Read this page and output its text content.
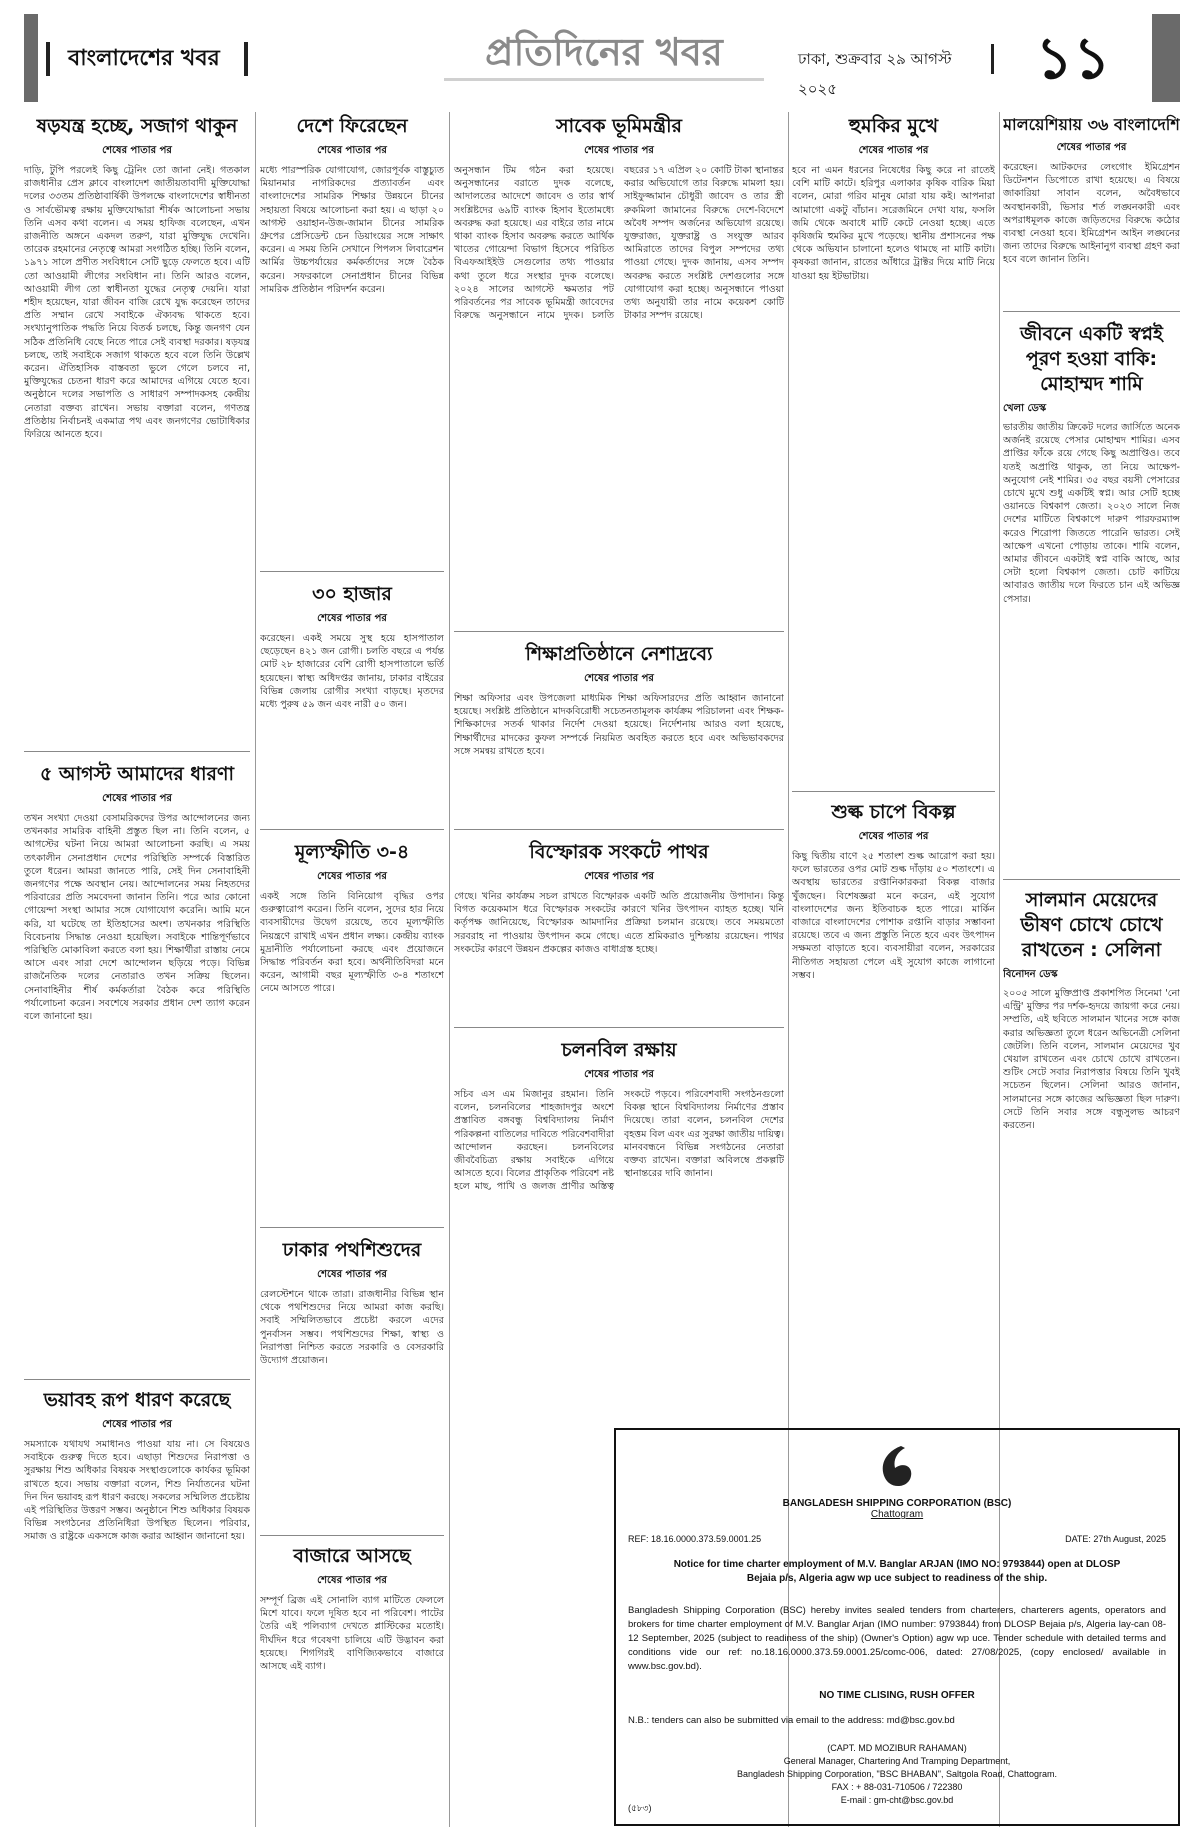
বাংলাদেশের খবর	প্রতিদিনের খবর	ঢাকা, শুক্রবার ২৯ আগস্ট ২০২৫	১১
ষড়যন্ত্র হচ্ছে, সজাগ থাকুন
শেষের পাতার পর
দাড়ি, টুপি পরলেই কিছু ট্রেনিং তো জানা নেই। গতকাল রাজধানীর প্রেস ক্লাবে বাংলাদেশ জাতীয়তাবাদী মুক্তিযোদ্ধা দলের ৩৩তম প্রতিষ্ঠাবার্ষিকী উপলক্ষে বাংলাদেশের স্বাধীনতা ও সার্বভৌমত্ব রক্ষায় মুক্তিযোদ্ধারা শীর্ষক আলোচনা সভায় তিনি এসব কথা বলেন। এ সময় হাফিজ বলেছেন, এখন রাজনীতি অঙ্গনে একদল তরুণ, যারা মুক্তিযুদ্ধ দেখেনি। তারেক রহমানের নেতৃত্বে আমরা সংগঠিত হচ্ছি। তিনি বলেন, ১৯৭১ সালে প্রণীত সংবিধানে সেটি ছুড়ে ফেলতে হবে। এটি তো আওয়ামী লীগের সংবিধান না। তিনি আরও বলেন, আওয়ামী লীগ তো স্বাধীনতা যুদ্ধের নেতৃত্ব দেয়নি। যারা শহীদ হয়েছেন, যারা জীবন বাজি রেখে যুদ্ধ করেছেন তাদের প্রতি সম্মান রেখে সবাইকে ঐক্যবদ্ধ থাকতে হবে। সংখ্যানুপাতিক পদ্ধতি নিয়ে বিতর্ক চলছে, কিন্তু জনগণ যেন সঠিক প্রতিনিধি বেছে নিতে পারে সেই ব্যবস্থা দরকার। ষড়যন্ত্র চলছে, তাই সবাইকে সজাগ থাকতে হবে বলে তিনি উল্লেখ করেন। ঐতিহাসিক বাস্তবতা ভুলে গেলে চলবে না, মুক্তিযুদ্ধের চেতনা ধারণ করে আমাদের এগিয়ে যেতে হবে। অনুষ্ঠানে দলের সভাপতি ও সাধারণ সম্পাদকসহ কেন্দ্রীয় নেতারা বক্তব্য রাখেন। সভায় বক্তারা বলেন, গণতন্ত্র প্রতিষ্ঠায় নির্বাচনই একমাত্র পথ এবং জনগণের ভোটাধিকার ফিরিয়ে আনতে হবে।
৫ আগস্ট আমাদের ধারণা
শেষের পাতার পর
তখন সংখ্যা দেওয়া বেসামরিকদের উপর আন্দোলনের জন্য তখনকার সামরিক বাহিনী প্রস্তুত ছিল না। তিনি বলেন, ৫ আগস্টের ঘটনা নিয়ে আমরা আলোচনা করছি। এ সময় তৎকালীন সেনাপ্রধান দেশের পরিস্থিতি সম্পর্কে বিস্তারিত তুলে ধরেন। আমরা জানতে পারি, সেই দিন সেনাবাহিনী জনগণের পক্ষে অবস্থান নেয়। আন্দোলনের সময় নিহতদের পরিবারের প্রতি সমবেদনা জানান তিনি। পরে আর কোনো গোয়েন্দা সংস্থা আমার সঙ্গে যোগাযোগ করেনি। আমি মনে করি, যা ঘটেছে তা ইতিহাসের অংশ। তখনকার পরিস্থিতি বিবেচনায় সিদ্ধান্ত নেওয়া হয়েছিল। সবাইকে শান্তিপূর্ণভাবে পরিস্থিতি মোকাবিলা করতে বলা হয়। শিক্ষার্থীরা রাস্তায় নেমে আসে এবং সারা দেশে আন্দোলন ছড়িয়ে পড়ে। বিভিন্ন রাজনৈতিক দলের নেতারাও তখন সক্রিয় ছিলেন। সেনাবাহিনীর শীর্ষ কর্মকর্তারা বৈঠক করে পরিস্থিতি পর্যালোচনা করেন। সবশেষে সরকার প্রধান দেশ ত্যাগ করেন বলে জানানো হয়।
ভয়াবহ রূপ ধারণ করেছে
শেষের পাতার পর
সমস্যাকে যথাযথ সমাধানও পাওয়া যায় না। সে বিষয়েও সবাইকে গুরুত্ব দিতে হবে। এছাড়া শিশুদের নিরাপত্তা ও সুরক্ষায় শিশু অধিকার বিষয়ক সংস্থাগুলোকে কার্যকর ভূমিকা রাখতে হবে। সভায় বক্তারা বলেন, শিশু নির্যাতনের ঘটনা দিন দিন ভয়াবহ রূপ ধারণ করছে। সকলের সম্মিলিত প্রচেষ্টায় এই পরিস্থিতির উত্তরণ সম্ভব। অনুষ্ঠানে শিশু অধিকার বিষয়ক বিভিন্ন সংগঠনের প্রতিনিধিরা উপস্থিত ছিলেন। পরিবার, সমাজ ও রাষ্ট্রকে একসঙ্গে কাজ করার আহ্বান জানানো হয়।
দেশে ফিরেছেন
শেষের পাতার পর
মধ্যে পারস্পরিক যোগাযোগ, জোরপূর্বক বাস্তুচ্যুত মিয়ানমার নাগরিকদের প্রত্যাবর্তন এবং বাংলাদেশের সামরিক শিক্ষার উন্নয়নে চীনের সহায়তা বিষয়ে আলোচনা করা হয়। এ ছাড়া ২০ আগস্ট ওয়াহান-উজ-জামান চীনের সামরিক গ্রুপের প্রেসিডেন্ট চেন ডিয়াংয়ের সঙ্গে সাক্ষাৎ করেন। এ সময় তিনি সেখানে পিপলস লিবারেশন আর্মির উচ্চপর্যায়ের কর্মকর্তাদের সঙ্গে বৈঠক করেন। সফরকালে সেনাপ্রধান চীনের বিভিন্ন সামরিক প্রতিষ্ঠান পরিদর্শন করেন।
৩০ হাজার
শেষের পাতার পর
করেছেন। একই সময়ে সুস্থ হয়ে হাসপাতাল ছেড়েছেন ৪২১ জন রোগী। চলতি বছরে এ পর্যন্ত মোট ২৮ হাজারের বেশি রোগী হাসপাতালে ভর্তি হয়েছেন। স্বাস্থ্য অধিদপ্তর জানায়, ঢাকার বাইরের বিভিন্ন জেলায় রোগীর সংখ্যা বাড়ছে। মৃতদের মধ্যে পুরুষ ৫৯ জন এবং নারী ৫০ জন।
মূল্যস্ফীতি ৩-৪
শেষের পাতার পর
একই সঙ্গে তিনি বিনিয়োগ বৃদ্ধির ওপর গুরুত্বারোপ করেন। তিনি বলেন, সুদের হার নিয়ে ব্যবসায়ীদের উদ্বেগ রয়েছে, তবে মূল্যস্ফীতি নিয়ন্ত্রণে রাখাই এখন প্রধান লক্ষ্য। কেন্দ্রীয় ব্যাংক মুদ্রানীতি পর্যালোচনা করছে এবং প্রয়োজনে সিদ্ধান্ত পরিবর্তন করা হবে। অর্থনীতিবিদরা মনে করেন, আগামী বছর মূল্যস্ফীতি ৩-৪ শতাংশে নেমে আসতে পারে।
ঢাকার পথশিশুদের
শেষের পাতার পর
রেলস্টেশনে থাকে তারা। রাজধানীর বিভিন্ন স্থান থেকে পথশিশুদের নিয়ে আমরা কাজ করছি। সবাই সম্মিলিতভাবে প্রচেষ্টা করলে এদের পুনর্বাসন সম্ভব। পথশিশুদের শিক্ষা, স্বাস্থ্য ও নিরাপত্তা নিশ্চিত করতে সরকারি ও বেসরকারি উদ্যোগ প্রয়োজন।
বাজারে আসছে
শেষের পাতার পর
সম্পূর্ণ ব্রিজ এই সোনালি ব্যাগ মাটিতে ফেললে মিশে যাবে। ফলে দূষিত হবে না পরিবেশ। পাটের তৈরি এই পলিব্যাগ দেখতে প্লাস্টিকের মতোই। দীর্ঘদিন ধরে গবেষণা চালিয়ে এটি উদ্ভাবন করা হয়েছে। শিগগিরই বাণিজ্যিকভাবে বাজারে আসছে এই ব্যাগ।
সাবেক ভূমিমন্ত্রীর
শেষের পাতার পর
অনুসন্ধান টিম গঠন করা হয়েছে। অনুসন্ধানের বরাতে দুদক বলেছে, আদালতের আদেশে জাবেদ ও তার স্বার্থ সংশ্লিষ্টদের ৬৯টি ব্যাংক হিসাব ইতোমধ্যে অবরুদ্ধ করা হয়েছে। এর বাইরে তার নামে থাকা ব্যাংক হিসাব অবরুদ্ধ করতে আর্থিক খাতের গোয়েন্দা বিভাগ হিসেবে পরিচিত বিএফআইইউ সেগুলোর তথ্য পাওয়ার কথা তুলে ধরে সংস্থার দুদক বলেছে। ২০২৪ সালের আগস্টে ক্ষমতার পট পরিবর্তনের পর সাবেক ভূমিমন্ত্রী জাবেদের বিরুদ্ধে অনুসন্ধানে নামে দুদক। চলতি বছরের ১৭ এপ্রিল ২০ কোটি টাকা স্থানান্তর করার অভিযোগে তার বিরুদ্ধে মামলা হয়। সাইফুজ্জামান চৌধুরী জাবেদ ও তার স্ত্রী রুকমিলা জামানের বিরুদ্ধে দেশে-বিদেশে অবৈধ সম্পদ অর্জনের অভিযোগ রয়েছে। যুক্তরাজ্য, যুক্তরাষ্ট্র ও সংযুক্ত আরব আমিরাতে তাদের বিপুল সম্পদের তথ্য পাওয়া গেছে। দুদক জানায়, এসব সম্পদ অবরুদ্ধ করতে সংশ্লিষ্ট দেশগুলোর সঙ্গে যোগাযোগ করা হচ্ছে। অনুসন্ধানে পাওয়া তথ্য অনুযায়ী তার নামে কয়েকশ কোটি টাকার সম্পদ রয়েছে।
শিক্ষাপ্রতিষ্ঠানে নেশাদ্রব্যে
শেষের পাতার পর
শিক্ষা অফিসার এবং উপজেলা মাধ্যমিক শিক্ষা অফিসারদের প্রতি আহ্বান জানানো হয়েছে। সংশ্লিষ্ট প্রতিষ্ঠানে মাদকবিরোধী সচেতনতামূলক কার্যক্রম পরিচালনা এবং শিক্ষক-শিক্ষিকাদের সতর্ক থাকার নির্দেশ দেওয়া হয়েছে। নির্দেশনায় আরও বলা হয়েছে, শিক্ষার্থীদের মাদকের কুফল সম্পর্কে নিয়মিত অবহিত করতে হবে এবং অভিভাবকদের সঙ্গে সমন্বয় রাখতে হবে।
বিস্ফোরক সংকটে পাথর
শেষের পাতার পর
গেছে। খনির কার্যক্রম সচল রাখতে বিস্ফোরক একটি অতি প্রয়োজনীয় উপাদান। কিন্তু বিগত কয়েকমাস ধরে বিস্ফোরক সংকটের কারণে খনির উৎপাদন ব্যাহত হচ্ছে। খনি কর্তৃপক্ষ জানিয়েছে, বিস্ফোরক আমদানির প্রক্রিয়া চলমান রয়েছে। তবে সময়মতো সরবরাহ না পাওয়ায় উৎপাদন কমে গেছে। এতে শ্রমিকরাও দুশ্চিন্তায় রয়েছেন। পাথর সংকটের কারণে উন্নয়ন প্রকল্পের কাজও বাধাগ্রস্ত হচ্ছে।
চলনবিল রক্ষায়
শেষের পাতার পর
সচিব এস এম মিজানুর রহমান। তিনি বলেন, চলনবিলের শাহজাদপুর অংশে প্রস্তাবিত বঙ্গবন্ধু বিশ্ববিদ্যালয় নির্মাণ পরিকল্পনা বাতিলের দাবিতে পরিবেশবাদীরা আন্দোলন করছেন। চলনবিলের জীববৈচিত্র্য রক্ষায় সবাইকে এগিয়ে আসতে হবে। বিলের প্রাকৃতিক পরিবেশ নষ্ট হলে মাছ, পাখি ও জলজ প্রাণীর অস্তিত্ব সংকটে পড়বে। পরিবেশবাদী সংগঠনগুলো বিকল্প স্থানে বিশ্ববিদ্যালয় নির্মাণের প্রস্তাব দিয়েছে। তারা বলেন, চলনবিল দেশের বৃহত্তম বিল এবং এর সুরক্ষা জাতীয় দায়িত্ব। মানববন্ধনে বিভিন্ন সংগঠনের নেতারা বক্তব্য রাখেন। বক্তারা অবিলম্বে প্রকল্পটি স্থানান্তরের দাবি জানান।
হুমকির মুখে
শেষের পাতার পর
হবে না এমন ধরনের নিষেধের কিছু করে না রাতেই বেশি মাটি কাটে। হরিপুর এলাকার কৃষিক বারিক মিয়া বলেন, মোরা গরিব মানুষ মোরা যায় কই। আপনারা আমাগো একটু বাঁচান। সরেজমিনে দেখা যায়, ফসলি জমি থেকে অবাধে মাটি কেটে নেওয়া হচ্ছে। এতে কৃষিজমি হুমকির মুখে পড়েছে। স্থানীয় প্রশাসনের পক্ষ থেকে অভিযান চালানো হলেও থামছে না মাটি কাটা। কৃষকরা জানান, রাতের আঁধারে ট্রাক্টর দিয়ে মাটি নিয়ে যাওয়া হয় ইটভাটায়।
শুল্ক চাপে বিকল্প
শেষের পাতার পর
কিছু দ্বিতীয় বাণে ২৫ শতাংশ শুল্ক আরোপ করা হয়। ফলে ভারতের ওপর মোট শুল্ক দাঁড়ায় ৫০ শতাংশে। এ অবস্থায় ভারতের রপ্তানিকারকরা বিকল্প বাজার খুঁজছেন। বিশেষজ্ঞরা মনে করেন, এই সুযোগ বাংলাদেশের জন্য ইতিবাচক হতে পারে। মার্কিন বাজারে বাংলাদেশের পোশাক রপ্তানি বাড়ার সম্ভাবনা রয়েছে। তবে এ জন্য প্রস্তুতি নিতে হবে এবং উৎপাদন সক্ষমতা বাড়াতে হবে। ব্যবসায়ীরা বলেন, সরকারের নীতিগত সহায়তা পেলে এই সুযোগ কাজে লাগানো সম্ভব।
মালয়েশিয়ায় ৩৬ বাংলাদেশি
শেষের পাতার পর
করেছেন। আটকদের লেংগোং ইমিগ্রেশন ডিটেনশন ডিপোতে রাখা হয়েছে। এ বিষয়ে জাকারিয়া সাবান বলেন, অবৈধভাবে অবস্থানকারী, ভিসার শর্ত লঙ্ঘনকারী এবং অপরাধমূলক কাজে জড়িতদের বিরুদ্ধে কঠোর ব্যবস্থা নেওয়া হবে। ইমিগ্রেশন আইন লঙ্ঘনের জন্য তাদের বিরুদ্ধে আইনানুগ ব্যবস্থা গ্রহণ করা হবে বলে জানান তিনি।
জীবনে একটি স্বপ্নই পূরণ হওয়া বাকি: মোহাম্মদ শামি
খেলা ডেস্ক
ভারতীয় জাতীয় ক্রিকেট দলের জার্সিতে অনেক অর্জনই রয়েছে পেসার মোহাম্মদ শামির। এসব প্রাপ্তির ফাঁকে রয়ে গেছে কিছু অপ্রাপ্তিও। তবে যতই অপ্রাপ্তি থাকুক, তা নিয়ে আক্ষেপ-অনুযোগ নেই শামির। ৩৫ বছর বয়সী পেসারের চোখে মুখে শুধু একটিই স্বপ্ন। আর সেটি হচ্ছে ওয়ানডে বিশ্বকাপ জেতা। ২০২৩ সালে নিজ দেশের মাটিতে বিশ্বকাপে দারুণ পারফরম্যান্স করেও শিরোপা জিততে পারেনি ভারত। সেই আক্ষেপ এখনো পোড়ায় তাকে। শামি বলেন, আমার জীবনে একটাই স্বপ্ন বাকি আছে, আর সেটা হলো বিশ্বকাপ জেতা। চোট কাটিয়ে আবারও জাতীয় দলে ফিরতে চান এই অভিজ্ঞ পেসার।
সালমান মেয়েদের ভীষণ চোখে চোখে রাখতেন : সেলিনা
বিনোদন ডেস্ক
২০০৫ সালে মুক্তিপ্রাপ্ত প্রকাশপিত সিনেমা 'নো এন্ট্রি' মুক্তির পর দর্শক-হৃদয়ে জায়গা করে নেয়। সম্প্রতি, এই ছবিতে সালমান খানের সঙ্গে কাজ করার অভিজ্ঞতা তুলে ধরেন অভিনেত্রী সেলিনা জেটলি। তিনি বলেন, সালমান মেয়েদের খুব খেয়াল রাখতেন এবং চোখে চোখে রাখতেন। শুটিং সেটে সবার নিরাপত্তার বিষয়ে তিনি খুবই সচেতন ছিলেন। সেলিনা আরও জানান, সালমানের সঙ্গে কাজের অভিজ্ঞতা ছিল দারুণ। সেটে তিনি সবার সঙ্গে বন্ধুসুলভ আচরণ করতেন।
BANGLADESH SHIPPING CORPORATION (BSC)
Chattogram
REF: 18.16.0000.373.59.0001.25	DATE: 27th August, 2025
Notice for time charter employment of M.V. Banglar ARJAN (IMO NO: 9793844) open at DLOSP Bejaia p/s, Algeria agw wp uce subject to readiness of the ship.
Bangladesh Shipping Corporation (BSC) hereby invites sealed tenders from charterers, charterers agents, operators and brokers for time charter employment of M.V. Banglar Arjan (IMO number: 9793844) from DLOSP Bejaia p/s, Algeria lay-can 08-12 September, 2025 (subject to readiness of the ship) (Owner's Option) agw wp uce. Tender schedule with detailed terms and conditions vide our ref: no.18.16.0000.373.59.0001.25/comc-006, dated: 27/08/2025, (copy enclosed/ available in www.bsc.gov.bd).
NO TIME CLISING, RUSH OFFER
N.B.: tenders can also be submitted via email to the address: md@bsc.gov.bd
(CAPT. MD MOZIBUR RAHAMAN)
General Manager, Chartering And Tramping Department,
Bangladesh Shipping Corporation, "BSC BHABAN", Saltgola Road, Chattogram.
FAX : + 88-031-710506 / 722380
E-mail : gm-cht@bsc.gov.bd
(৫৮৩)
